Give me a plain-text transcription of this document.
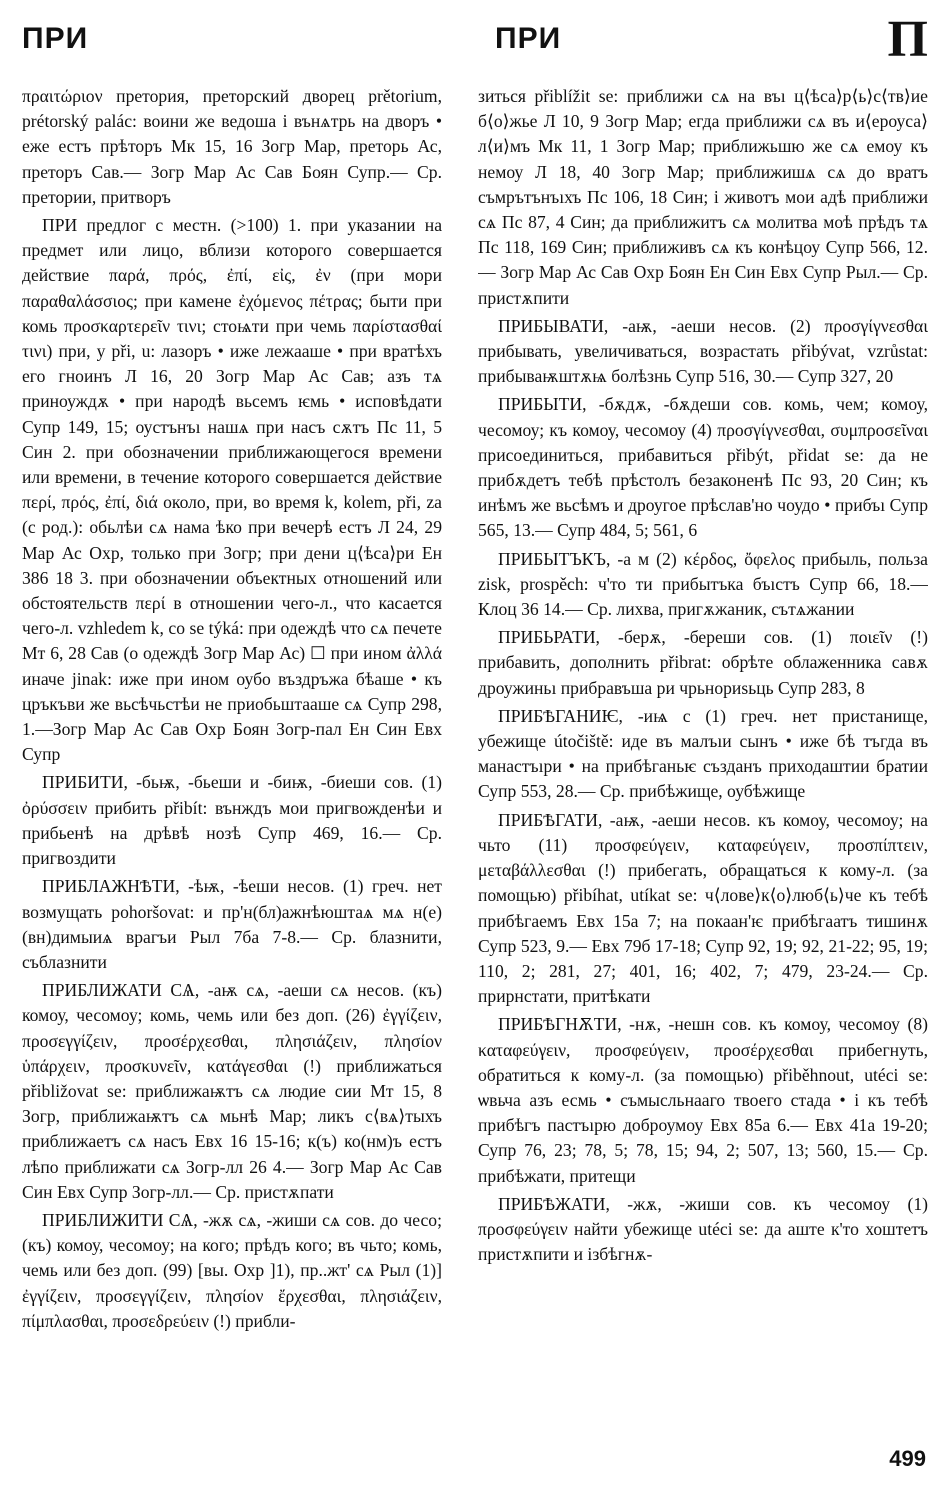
ПРИ	ПРИ	П

πραιτώριον претория, преторский дворец prětorium, prétorský palác: воини же ведоша і вънѧтрь на дворъ • еже естъ прѣторъ Мк 15, 16 Зогр Мар, преторь Ас, преторъ Сав.— Зогр Мар Ас Сав Боян Супр.— Ср. претории, притворъ

ПРИ предлог с местн. (>100) 1. при указании на предмет или лицо, вблизи которого совершается действие παρά, πρός, ἐπί, εἰς, ἐν (при мори παραθαλάσσιος; при камене ἐχόμενος πέτρας; быти при комь προσκαρτερεῖν τινι; стоѩти при чемь παρίστασθαί τινι) при, у při, u: лазоръ • иже лежааше • при вратѣхъ его гноинъ Л 16, 20 Зогр Мар Ас Сав; азъ тѧ приноуждѫ • при народѣ вьсемъ ѥмь • исповѣдати Супр 149, 15; оустънъı нашѧ при насъ сѫтъ Пс 11, 5 Син 2. при обозначении приближающегося времени или времени, в течение которого совершается действие περί, πρός, ἐπί, διά около, при, во время k, kolem, při, za (с род.): обьлѣи сѧ нама ѣко при вечерѣ естъ Л 24, 29 Мар Ас Охр, только при Зогр; при дени ц⟨ѣса⟩ри Ен 386 18 3. при обозначении объектных отношений или обстоятельств περί в отношении чего-л., что касается чего-л. vzhledem k, co se týká: при одеждѣ что сѧ печете Мт 6, 28 Сав (о одеждѣ Зогр Мар Ас) ☐ при ином ἀλλά иначе jinak: иже при ином оубо въздръжа бѣаше • къ цръкъви же вьсѣчьстѣи не приобьштааше сѧ Супр 298, 1.—Зогр Мар Ас Сав Охр Боян Зогр-пал Ен Син Евх Супр

ПРИБИТИ, -бьѭ, -бьеши и -биѭ, -биеши сов. (1) ὀρύσσειν прибить přibít: вънждъ мои пригвожденѣи и прибьенѣ на дрѣвѣ нозѣ Супр 469, 16.— Ср. пригвоздити

ПРИБЛАЖНѢТИ, -ѣѭ, -ѣеши несов. (1) греч. нет возмущать pohoršovat: и пр'н(бл)ажнѣюштаѧ мѧ н(е) (вн)димыиѧ врагъи Рыл 7ба 7-8.— Ср. блазнити, съблазнити

ПРИБЛИЖАТИ СѦ, -аѭ сѧ, -аеши сѧ несов. (къ) комоу, чесомоу; комь, чемь или без доп. (26) ἐγγίζειν, προσεγγίζειν, προσέρχεσθαι, πλησιάζειν, πλησίον ὑπάρχειν, προσκυνεῖν, κατάγεσθαι (!) приближаться přibližovat se: приближаѭтъ сѧ людие сии Мт 15, 8 Зогр, приближаѭтъ сѧ мьнѣ Мар; ликъ с⟨вѧ⟩тыхъ приближаетъ сѧ насъ Евх 16 15-16; к(ъ) ко(нм)ъ естъ лѣпо приближати сѧ Зогр-лл 26 4.— Зогр Мар Ас Сав Син Евх Супр Зогр-лл.— Ср. пристѫпати

ПРИБЛИЖИТИ СѦ, -жѫ сѧ, -жиши сѧ сов. до чесо; (къ) комоу, чесомоу; на кого; прѣдъ кого; въ чьто; комь, чемь или без доп. (99) [вы. Охр ]1), пр..жт' сѧ Рыл (1)] ἐγγίζειν, προσεγγίζειν, πλησίον ἔρχεσθαι, πλησιάζειν, πίμπλασθαι, προσεδρεύειν (!) прибли-

зиться přiblížit se: приближи сѧ на въı ц⟨ѣса⟩р⟨ь⟩с⟨тв⟩ие б⟨о⟩жье Л 10, 9 Зогр Мар; егда приближи сѧ въ и⟨ероуса⟩л⟨и⟩мъ Мк 11, 1 Зогр Мар; приближьшю же сѧ емоу къ немоу Л 18, 40 Зогр Мар; приближишѧ сѧ до вратъ съмрътънъıхъ Пс 106, 18 Син; і животъ мои адѣ приближи сѧ Пс 87, 4 Син; да приближитъ сѧ молитва моѣ прѣдъ тѧ Пс 118, 169 Син; приближивъ сѧ къ конѣцоу Супр 566, 12.— Зогр Мар Ас Сав Охр Боян Ен Син Евх Супр Рыл.— Ср. пристѫпити

ПРИБЫВАТИ, -аѭ, -аеши несов. (2) προσγίγνεσθαι прибывать, увеличиваться, возрастать přibývat, vzrůstat: прибываѭштѫѩ болѣзнь Супр 516, 30.— Супр 327, 20

ПРИБЫТИ, -бѫдѫ, -бѫдеши сов. комь, чем; комоу, чесомоу; къ комоу, чесомоу (4) προσγίγνεσθαι, συμπροσεῖναι присоединиться, прибавиться přibýt, přidat se: да не прибѫдетъ тебѣ прѣстолъ безаконенѣ Пс 93, 20 Син; къ инѣмъ же вьсѣмъ и дроугое прѣслав'но чоудо • прибъı Супр 565, 13.— Супр 484, 5; 561, 6

ПРИБЫТЪКЪ, -а м (2) κέρδος, ὄφελος прибыль, польза zisk, prospěch: ч'то ти прибытъка бъıстъ Супр 66, 18.— Клоц 36 14.— Ср. лихва, пригѫжаник, сътѧжании

ПРИБЬРАТИ, -берѫ, -береши сов. (1) ποιεῖν (!) прибавить, дополнить přibrat: обрѣте облаженника савѫ дроужиньı прибравъша ри чрьнориѕьць Супр 283, 8

ПРИБѢГАНИѤ, -иѩ с (1) греч. нет пристанище, убежище útočiště: иде въ малъıи сынъ • иже бѣ тъгда въ манастъıри • на прибѣганьѥ създанъ приходаштии братии Супр 553, 28.— Ср. прибѣжище, оубѣжище

ПРИБѢГАТИ, -аѭ, -аеши несов. къ комоу, чесомоу; на чьто (11) προσφεύγειν, καταφεύγειν, προσπίπτειν, μεταβάλλεσθαι (!) прибегать, обращаться к кому-л. (за помощью) přibíhat, utíkat se: ч⟨лове⟩к⟨о⟩люб⟨ь⟩че къ тебѣ прибѣгаемъ Евх 15а 7; на покаан'ѥ прибѣгаатъ тишинѫ Супр 523, 9.— Евх 79б 17-18; Супр 92, 19; 92, 21-22; 95, 19; 110, 2; 281, 27; 401, 16; 402, 7; 479, 23-24.— Ср. прирнстати, притѣкати

ПРИБѢГНѪТИ, -нѫ, -нешн сов. къ комоу, чесомоу (8) καταφεύγειν, προσφεύγειν, προσέρχεσθαι прибегнуть, обратиться к кому-л. (за помощью) přiběhnout, utéci se: ѡвьча азъ есмь • съмысльнааго твоего стада • і къ тебѣ прибѣгъ пастъıрю доброумоу Евх 85а 6.— Евх 41а 19-20; Супр 76, 23; 78, 5; 78, 15; 94, 2; 507, 13; 560, 15.— Ср. прибѣжати, притещи

ПРИБѢЖАТИ, -жѫ, -жиши сов. къ чесомоу (1) προσφεύγειν найти убежище utéci se: да аште к'то хоштетъ пристѫпити и ізбѣгнѫ-

499
